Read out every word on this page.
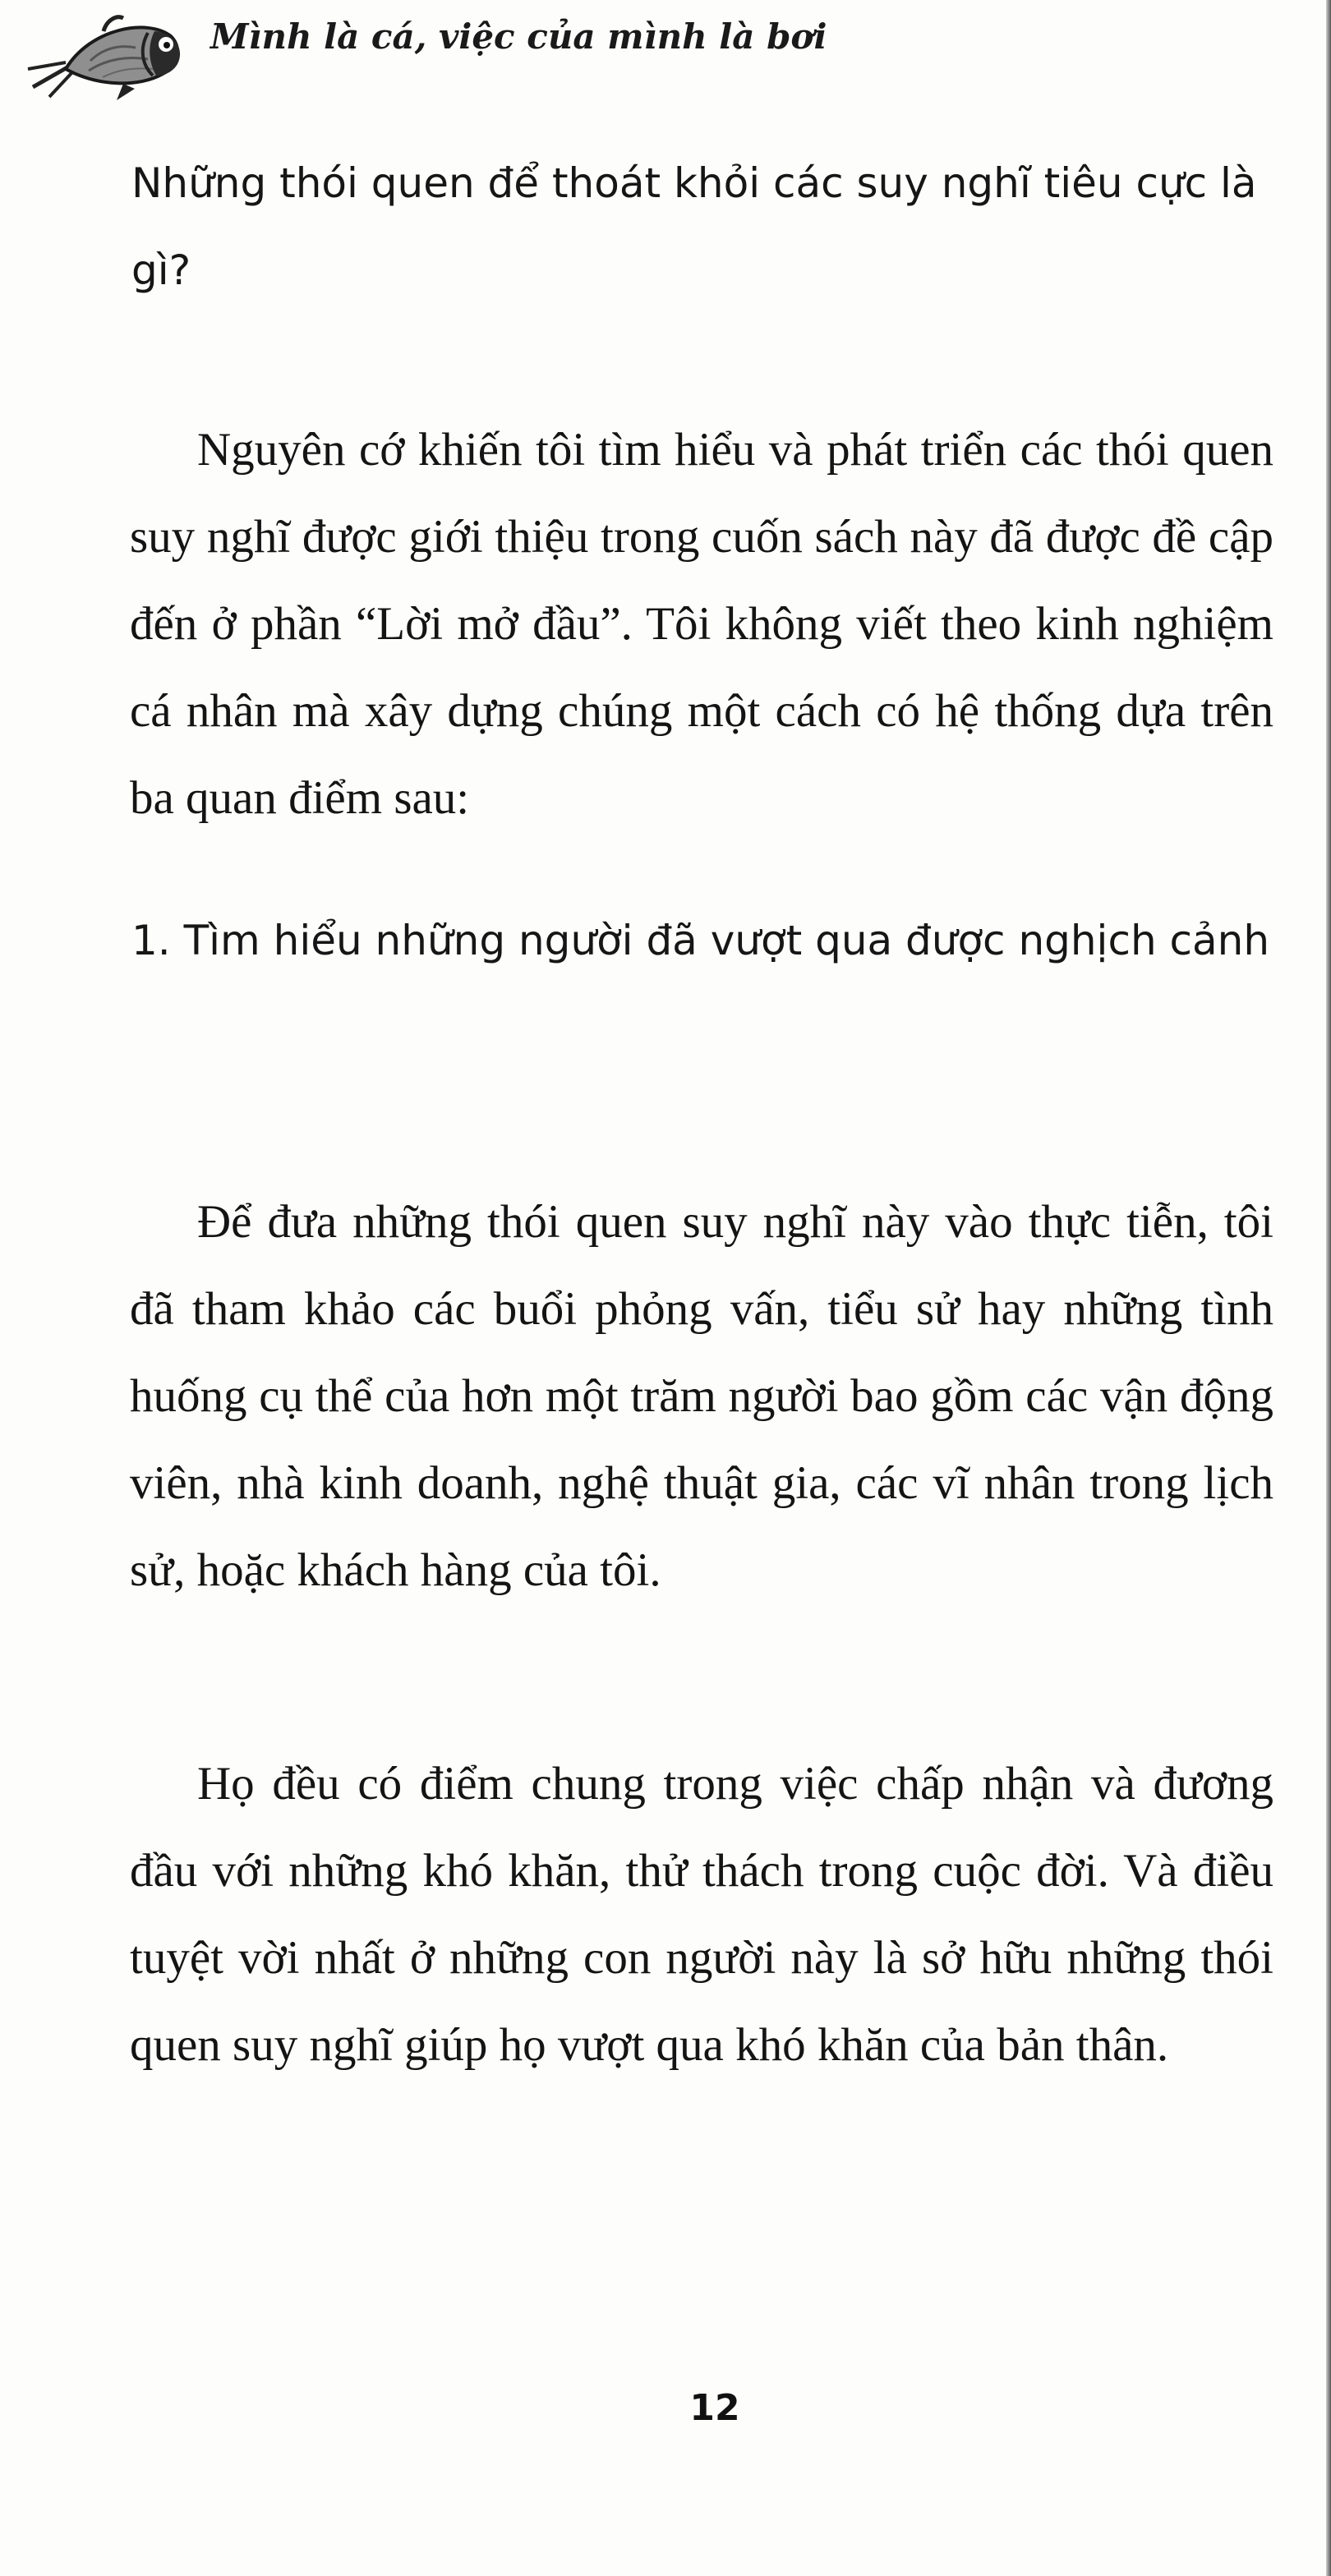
Mình là cá, việc của mình là bơi
Những thói quen để thoát khỏi các suy nghĩ tiêu cực là gì?

Nguyên cớ khiến tôi tìm hiểu và phát triển các thói quen suy nghĩ được giới thiệu trong cuốn sách này đã được đề cập đến ở phần “Lời mở đầu”. Tôi không viết theo kinh nghiệm cá nhân mà xây dựng chúng một cách có hệ thống dựa trên ba quan điểm sau:

1. Tìm hiểu những người đã vượt qua được nghịch cảnh

Để đưa những thói quen suy nghĩ này vào thực tiễn, tôi đã tham khảo các buổi phỏng vấn, tiểu sử hay những tình huống cụ thể của hơn một trăm người bao gồm các vận động viên, nhà kinh doanh, nghệ thuật gia, các vĩ nhân trong lịch sử, hoặc khách hàng của tôi.

Họ đều có điểm chung trong việc chấp nhận và đương đầu với những khó khăn, thử thách trong cuộc đời. Và điều tuyệt vời nhất ở những con người này là sở hữu những thói quen suy nghĩ giúp họ vượt qua khó khăn của bản thân.

12
